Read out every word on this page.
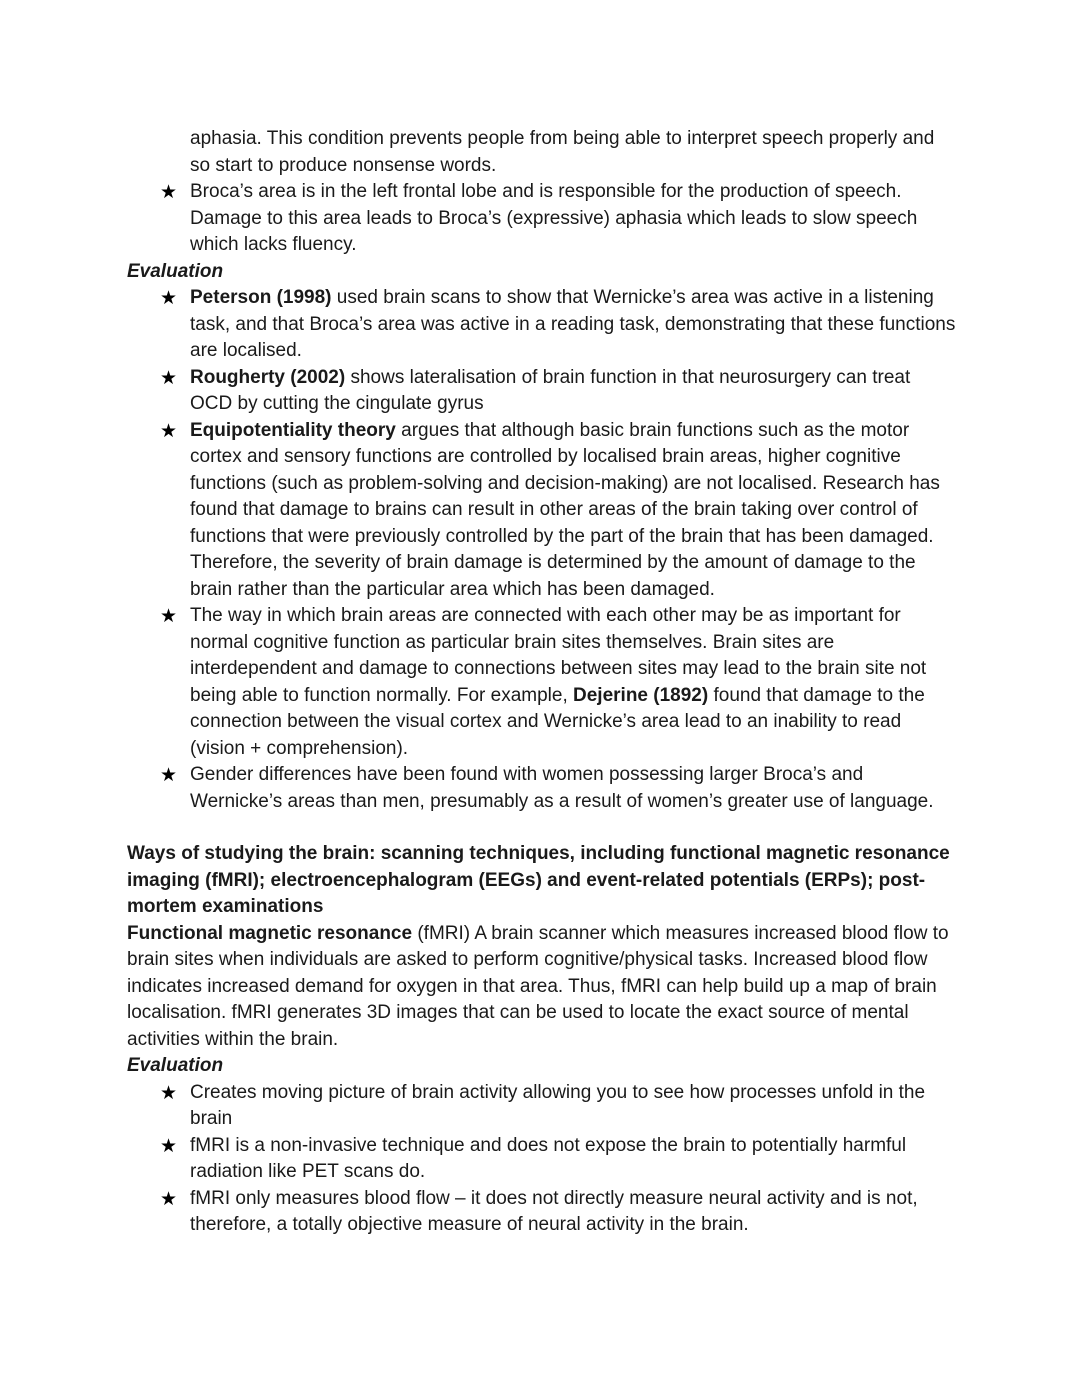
aphasia. This condition prevents people from being able to interpret speech properly and so start to produce nonsense words.
★ Broca’s area is in the left frontal lobe and is responsible for the production of speech. Damage to this area leads to Broca’s (expressive) aphasia which leads to slow speech which lacks fluency.

Evaluation

★ Peterson (1998) used brain scans to show that Wernicke’s area was active in a listening task, and that Broca’s area was active in a reading task, demonstrating that these functions are localised.
★ Rougherty (2002) shows lateralisation of brain function in that neurosurgery can treat OCD by cutting the cingulate gyrus
★ Equipotentiality theory argues that although basic brain functions such as the motor cortex and sensory functions are controlled by localised brain areas, higher cognitive functions (such as problem-solving and decision-making) are not localised. Research has found that damage to brains can result in other areas of the brain taking over control of functions that were previously controlled by the part of the brain that has been damaged. Therefore, the severity of brain damage is determined by the amount of damage to the brain rather than the particular area which has been damaged.
★ The way in which brain areas are connected with each other may be as important for normal cognitive function as particular brain sites themselves. Brain sites are interdependent and damage to connections between sites may lead to the brain site not being able to function normally. For example, Dejerine (1892) found that damage to the connection between the visual cortex and Wernicke’s area lead to an inability to read (vision + comprehension).
★ Gender differences have been found with women possessing larger Broca’s and Wernicke’s areas than men, presumably as a result of women’s greater use of language.

Ways of studying the brain: scanning techniques, including functional magnetic resonance imaging (fMRI); electroencephalogram (EEGs) and event-related potentials (ERPs); post-mortem examinations

Functional magnetic resonance (fMRI) A brain scanner which measures increased blood flow to brain sites when individuals are asked to perform cognitive/physical tasks. Increased blood flow indicates increased demand for oxygen in that area. Thus, fMRI can help build up a map of brain localisation. fMRI generates 3D images that can be used to locate the exact source of mental activities within the brain.

Evaluation

★ Creates moving picture of brain activity allowing you to see how processes unfold in the brain
★ fMRI is a non-invasive technique and does not expose the brain to potentially harmful radiation like PET scans do.
★ fMRI only measures blood flow – it does not directly measure neural activity and is not, therefore, a totally objective measure of neural activity in the brain.
